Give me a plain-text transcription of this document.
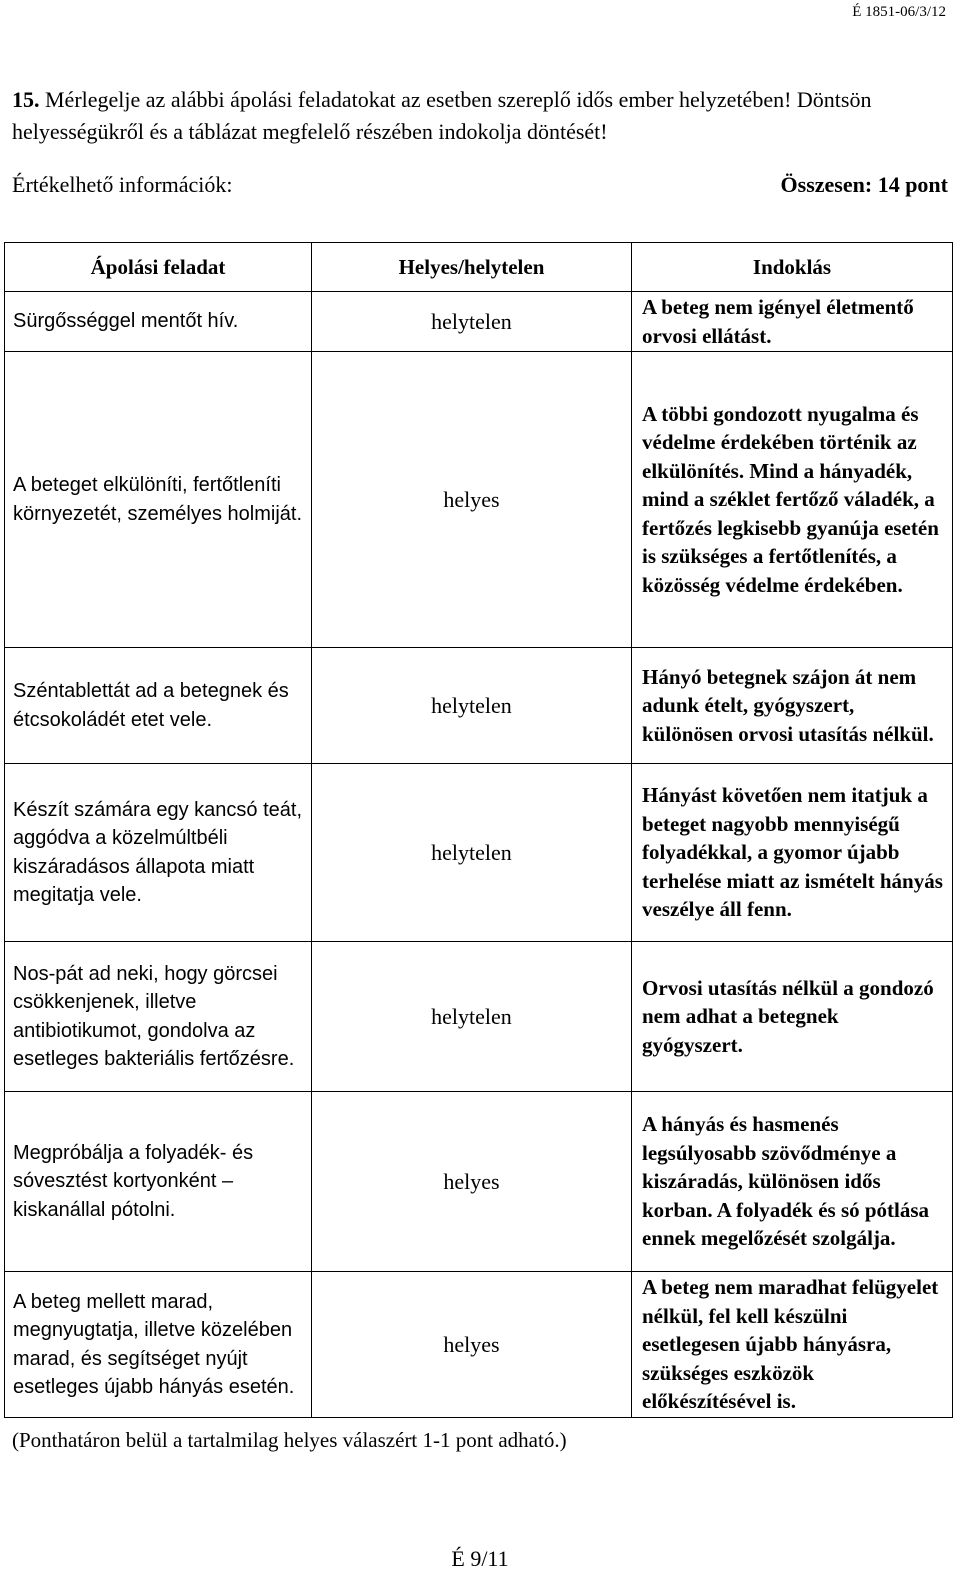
É 1851-06/3/12
15. Mérlegelje az alábbi ápolási feladatokat az esetben szereplő idős ember helyzetében! Döntsön helyességükről és a táblázat megfelelő részében indokolja döntését!
Értékelhető információk:	Összesen: 14 pont
Ápolási feladat	Helyes/helytelen	Indoklás
Sürgősséggel mentőt hív.	helytelen	A beteg nem igényel életmentő orvosi ellátást.
A beteget elkülöníti, fertőtleníti környezetét, személyes holmiját.	helyes	A többi gondozott nyugalma és védelme érdekében történik az elkülönítés. Mind a hányadék, mind a széklet fertőző váladék, a fertőzés legkisebb gyanúja esetén is szükséges a fertőtlenítés, a közösség védelme érdekében.
Széntablettát ad a betegnek és étcsokoládét etet vele.	helytelen	Hányó betegnek szájon át nem adunk ételt, gyógyszert, különösen orvosi utasítás nélkül.
Készít számára egy kancsó teát, aggódva a közelmúltbéli kiszáradásos állapota miatt megitatja vele.	helytelen	Hányást követően nem itatjuk a beteget nagyobb mennyiségű folyadékkal, a gyomor újabb terhelése miatt az ismételt hányás veszélye áll fenn.
Nos-pát ad neki, hogy görcsei csökkenjenek, illetve antibiotikumot, gondolva az esetleges bakteriális fertőzésre.	helytelen	Orvosi utasítás nélkül a gondozó nem adhat a betegnek gyógyszert.
Megpróbálja a folyadék- és sóvesztést kortyonként – kiskanállal pótolni.	helyes	A hányás és hasmenés legsúlyosabb szövődménye a kiszáradás, különösen idős korban. A folyadék és só pótlása ennek megelőzését szolgálja.
A beteg mellett marad, megnyugtatja, illetve közelében marad, és segítséget nyújt esetleges újabb hányás esetén.	helyes	A beteg nem maradhat felügyelet nélkül, fel kell készülni esetlegesen újabb hányásra, szükséges eszközök előkészítésével is.
(Ponthatáron belül a tartalmilag helyes válaszért 1-1 pont adható.)
É 9/11
